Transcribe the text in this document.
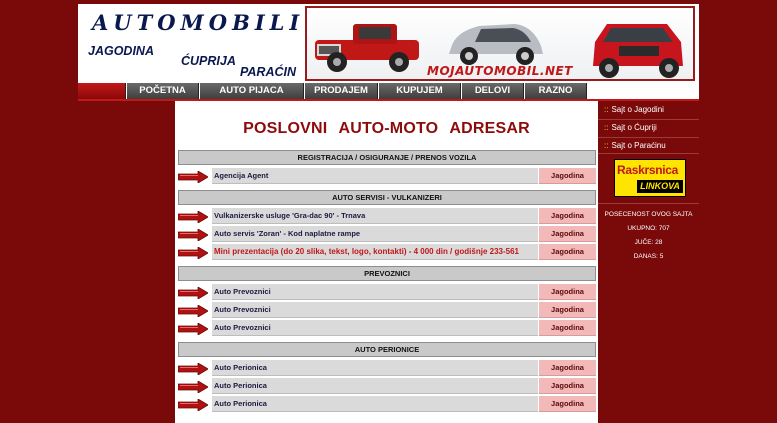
AUTOMOBILI
JAGODINA
ĆUPRIJA
PARAĆIN	MOJAUTOMOBIL.NET
POČETNA	AUTO PIJACA	PRODAJEM	KUPUJEM	DELOVI	RAZNO
POSLOVNI AUTO-MOTO ADRESAR
REGISTRACIJA / OSIGURANJE / PRENOS VOZILA
Agencija Agent	Jagodina
AUTO SERVISI - VULKANIZERI
Vulkanizerske usluge 'Gra-dac 90' - Trnava	Jagodina
Auto servis 'Zoran' - Kod naplatne rampe	Jagodina
Mini prezentacija (do 20 slika, tekst, logo, kontakti) - 4 000 din / godišnje 233-561	Jagodina
PREVOZNICI
Auto Prevoznici	Jagodina
Auto Prevoznici	Jagodina
Auto Prevoznici	Jagodina
AUTO PERIONICE
Auto Perionica	Jagodina
Auto Perionica	Jagodina
Auto Perionica	Jagodina
:: Sajt o Jagodini
:: Sajt o Ćupriji
:: Sajt o Paraćinu
Raskrsnica
LINKOVA
POSECENOST OVOG SAJTA
UKUPNO: 707
JUČE: 28
DANAS: 5
